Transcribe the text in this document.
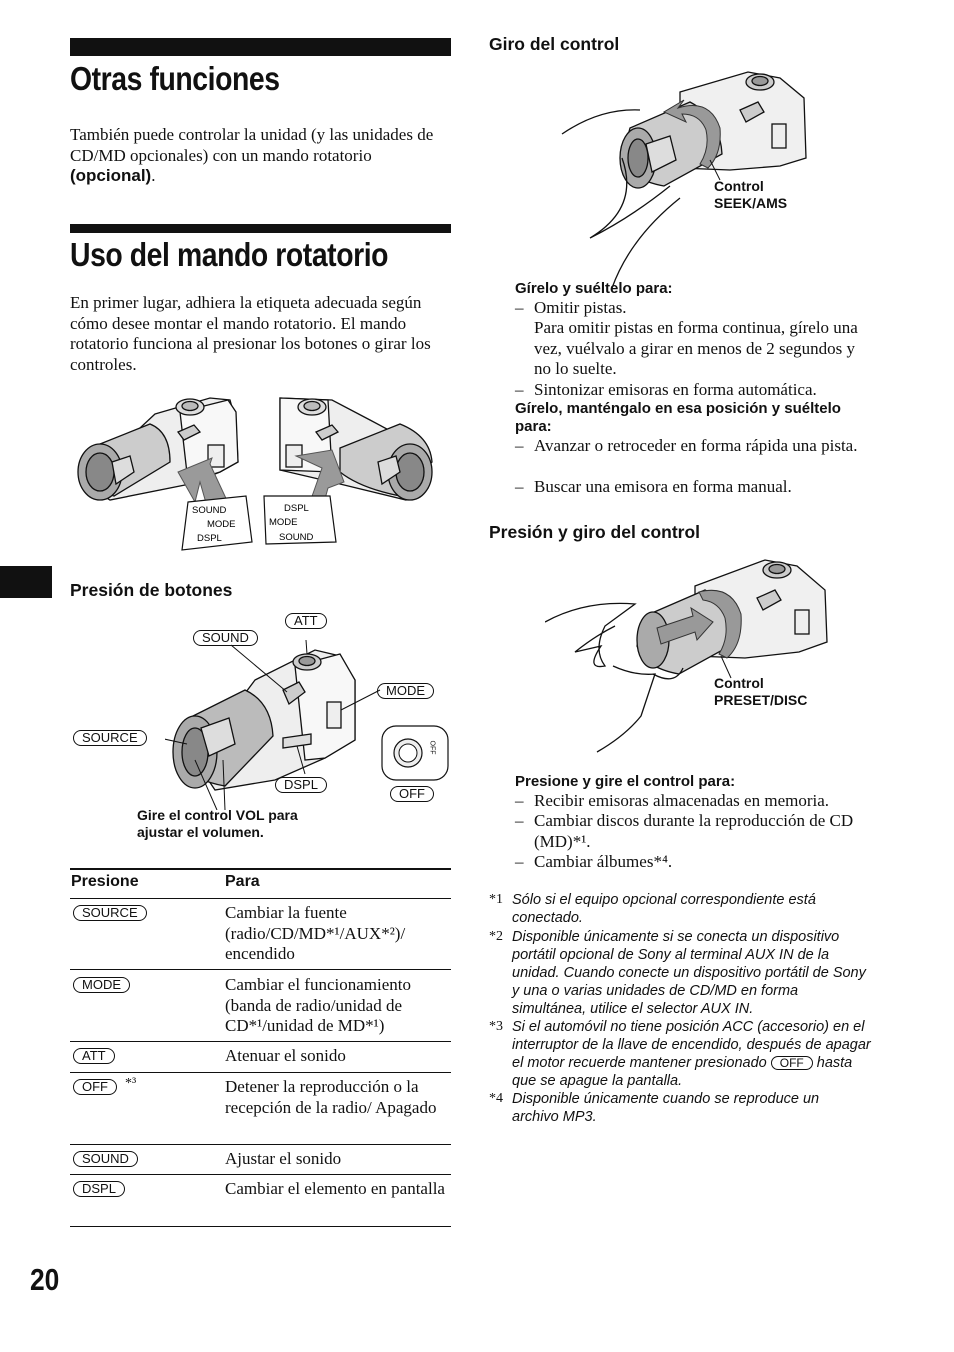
Otras funciones
También puede controlar la unidad (y las unidades de CD/MD opcionales) con un mando rotatorio (opcional).
Uso del mando rotatorio
En primer lugar, adhiera la etiqueta adecuada según cómo desee montar el mando rotatorio. El mando rotatorio funciona al presionar los botones o girar los controles.
SOUND
MODE
DSPL
DSPL
MODE
SOUND
Presión de botones
SOUND
ATT
MODE
SOURCE
DSPL
OFF
OFF
Gire el control VOL para ajustar el volumen.
Presione	Para
SOURCE	Cambiar la fuente (radio/CD/MD*¹/AUX*²)/ encendido
MODE	Cambiar el funcionamiento (banda de radio/unidad de CD*¹/unidad de MD*¹)
ATT	Atenuar el sonido
OFF	*³	Detener la reproducción o la recepción de la radio/ Apagado
SOUND	Ajustar el sonido
DSPL	Cambiar el elemento en pantalla
20
Giro del control
Control
SEEK/AMS
Gírelo y suéltelo para:
– Omitir pistas.
Para omitir pistas en forma continua, gírelo una vez, vuélvalo a girar en menos de 2 segundos y no lo suelte.
– Sintonizar emisoras en forma automática.
Gírelo, manténgalo en esa posición y suéltelo para:
– Avanzar o retroceder en forma rápida una pista.
– Buscar una emisora en forma manual.
Presión y giro del control
Control
PRESET/DISC
Presione y gire el control para:
– Recibir emisoras almacenadas en memoria.
– Cambiar discos durante la reproducción de CD (MD)*¹.
– Cambiar álbumes*⁴.
*1 Sólo si el equipo opcional correspondiente está conectado.
*2 Disponible únicamente si se conecta un dispositivo portátil opcional de Sony al terminal AUX IN de la unidad. Cuando conecte un dispositivo portátil de Sony y una o varias unidades de CD/MD en forma simultánea, utilice el selector AUX IN.
*3 Si el automóvil no tiene posición ACC (accesorio) en el interruptor de la llave de encendido, después de apagar el motor recuerde mantener presionado OFF hasta que se apague la pantalla.
*4 Disponible únicamente cuando se reproduce un archivo MP3.
